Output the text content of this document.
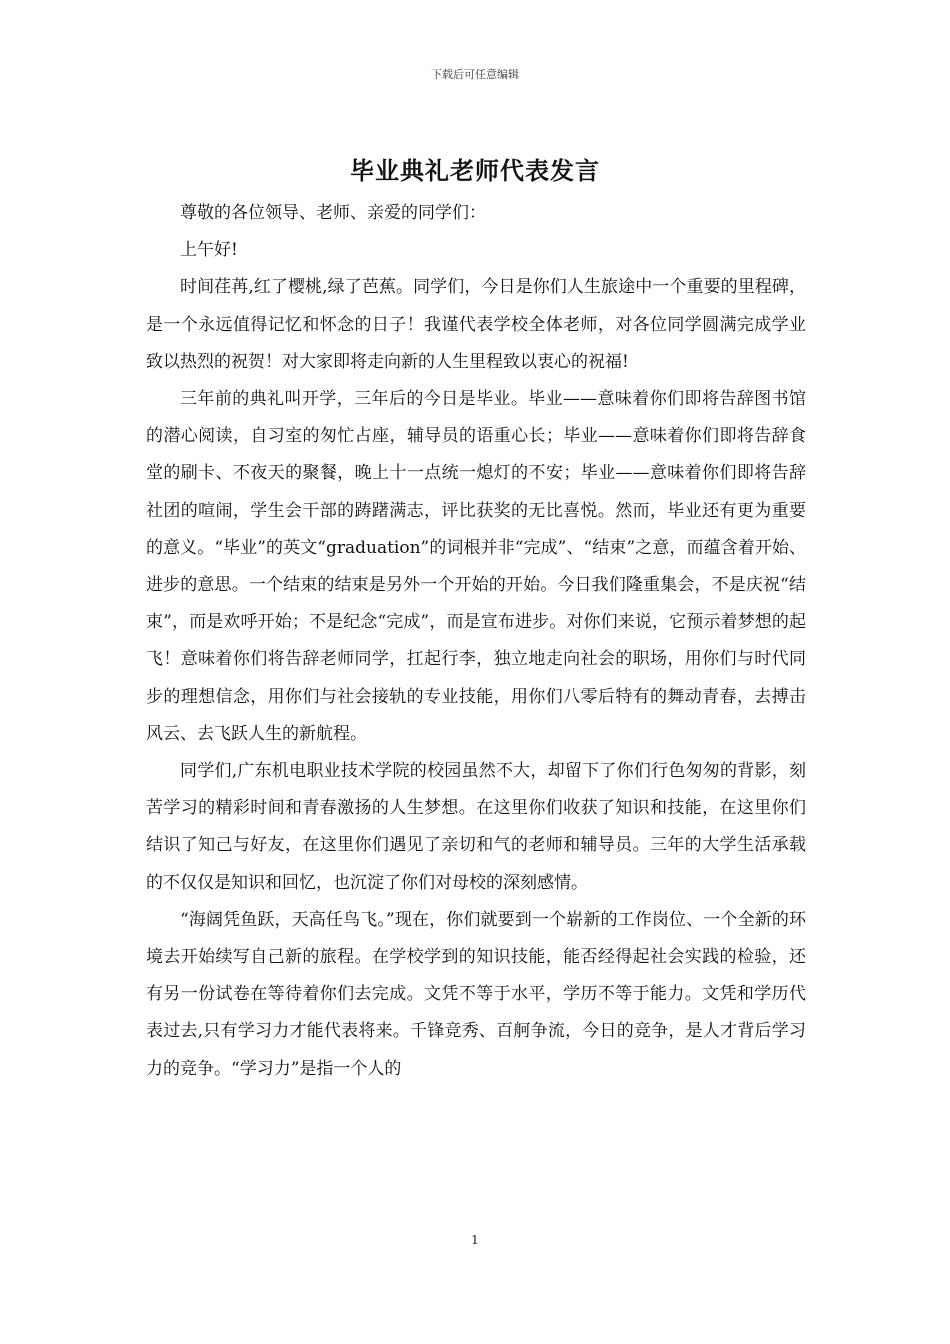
下载后可任意编辑
毕业典礼老师代表发言

尊敬的各位领导、老师、亲爱的同学们：

上午好!

时间荏苒,红了樱桃,绿了芭蕉。同学们，今日是你们人生旅途中一个重要的里程碑，是一个永远值得记忆和怀念的日子！我谨代表学校全体老师，对各位同学圆满完成学业致以热烈的祝贺！对大家即将走向新的人生里程致以衷心的祝福!

三年前的典礼叫开学，三年后的今日是毕业。毕业——意味着你们即将告辞图书馆的潜心阅读，自习室的匆忙占座，辅导员的语重心长；毕业——意味着你们即将告辞食堂的刷卡、不夜天的聚餐，晚上十一点统一熄灯的不安；毕业——意味着你们即将告辞社团的喧闹，学生会干部的踌躇满志，评比获奖的无比喜悦。然而，毕业还有更为重要的意义。“毕业”的英文“graduation”的词根并非“完成”、“结束”之意，而蕴含着开始、进步的意思。一个结束的结束是另外一个开始的开始。今日我们隆重集会，不是庆祝“结束”，而是欢呼开始；不是纪念“完成”，而是宣布进步。对你们来说，它预示着梦想的起飞！意味着你们将告辞老师同学，扛起行李，独立地走向社会的职场，用你们与时代同步的理想信念，用你们与社会接轨的专业技能，用你们八零后特有的舞动青春，去搏击风云、去飞跃人生的新航程。

同学们,广东机电职业技术学院的校园虽然不大，却留下了你们行色匆匆的背影，刻苦学习的精彩时间和青春激扬的人生梦想。在这里你们收获了知识和技能，在这里你们结识了知己与好友，在这里你们遇见了亲切和气的老师和辅导员。三年的大学生活承载的不仅仅是知识和回忆，也沉淀了你们对母校的深刻感情。

“海阔凭鱼跃，天高任鸟飞。”现在，你们就要到一个崭新的工作岗位、一个全新的环境去开始续写自己新的旅程。在学校学到的知识技能，能否经得起社会实践的检验，还有另一份试卷在等待着你们去完成。文凭不等于水平，学历不等于能力。文凭和学历代表过去,只有学习力才能代表将来。千锋竞秀、百舸争流，今日的竞争，是人才背后学习力的竞争。“学习力”是指一个人的

1
